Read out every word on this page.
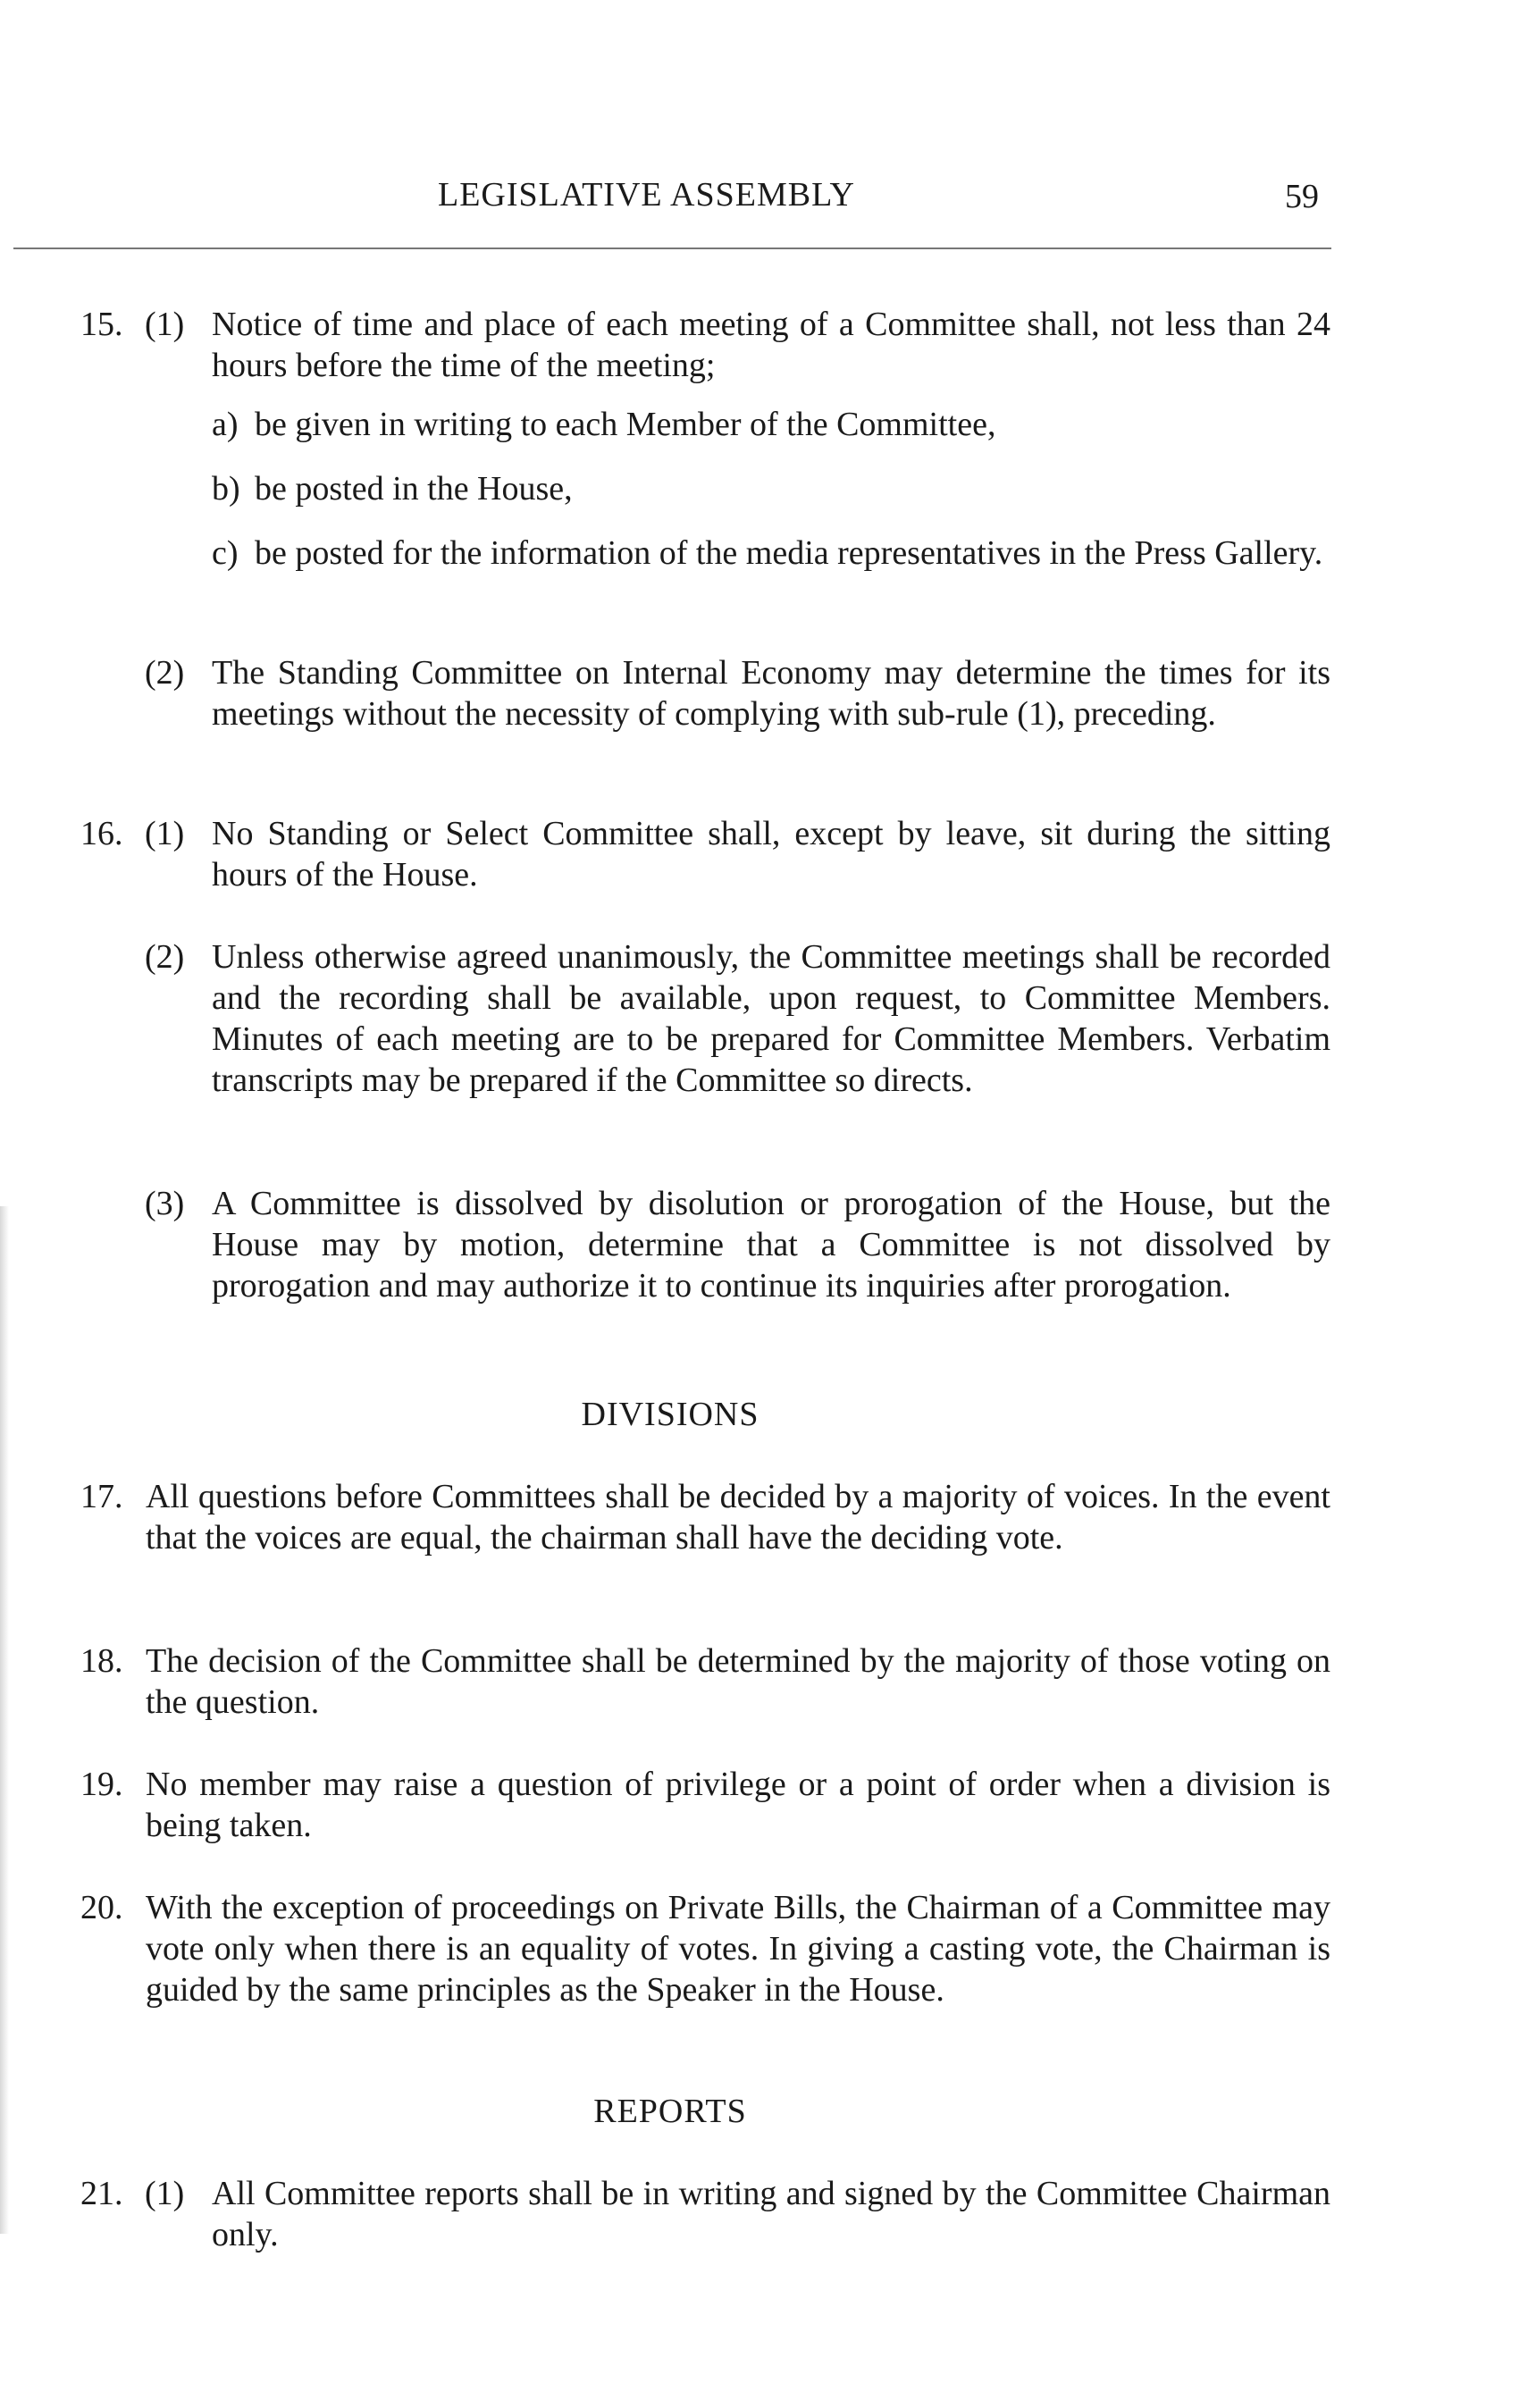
LEGISLATIVE ASSEMBLY	59
15. (1) Notice of time and place of each meeting of a Committee shall, not less than 24 hours before the time of the meeting;
a) be given in writing to each Member of the Committee,
b) be posted in the House,
c) be posted for the information of the media representatives in the Press Gallery.
(2) The Standing Committee on Internal Economy may determine the times for its meetings without the necessity of complying with sub-rule (1), preceding.
16. (1) No Standing or Select Committee shall, except by leave, sit during the sitting hours of the House.
(2) Unless otherwise agreed unanimously, the Committee meetings shall be recorded and the recording shall be available, upon request, to Committee Members. Minutes of each meeting are to be prepared for Committee Members. Verbatim transcripts may be prepared if the Committee so directs.
(3) A Committee is dissolved by disolution or prorogation of the House, but the House may by motion, determine that a Committee is not dissolved by prorogation and may authorize it to continue its inquiries after prorogation.
DIVISIONS
17. All questions before Committees shall be decided by a majority of voices. In the event that the voices are equal, the chairman shall have the deciding vote.
18. The decision of the Committee shall be determined by the majority of those voting on the question.
19. No member may raise a question of privilege or a point of order when a division is being taken.
20. With the exception of proceedings on Private Bills, the Chairman of a Committee may vote only when there is an equality of votes. In giving a casting vote, the Chairman is guided by the same principles as the Speaker in the House.
REPORTS
21. (1) All Committee reports shall be in writing and signed by the Committee Chairman only.
